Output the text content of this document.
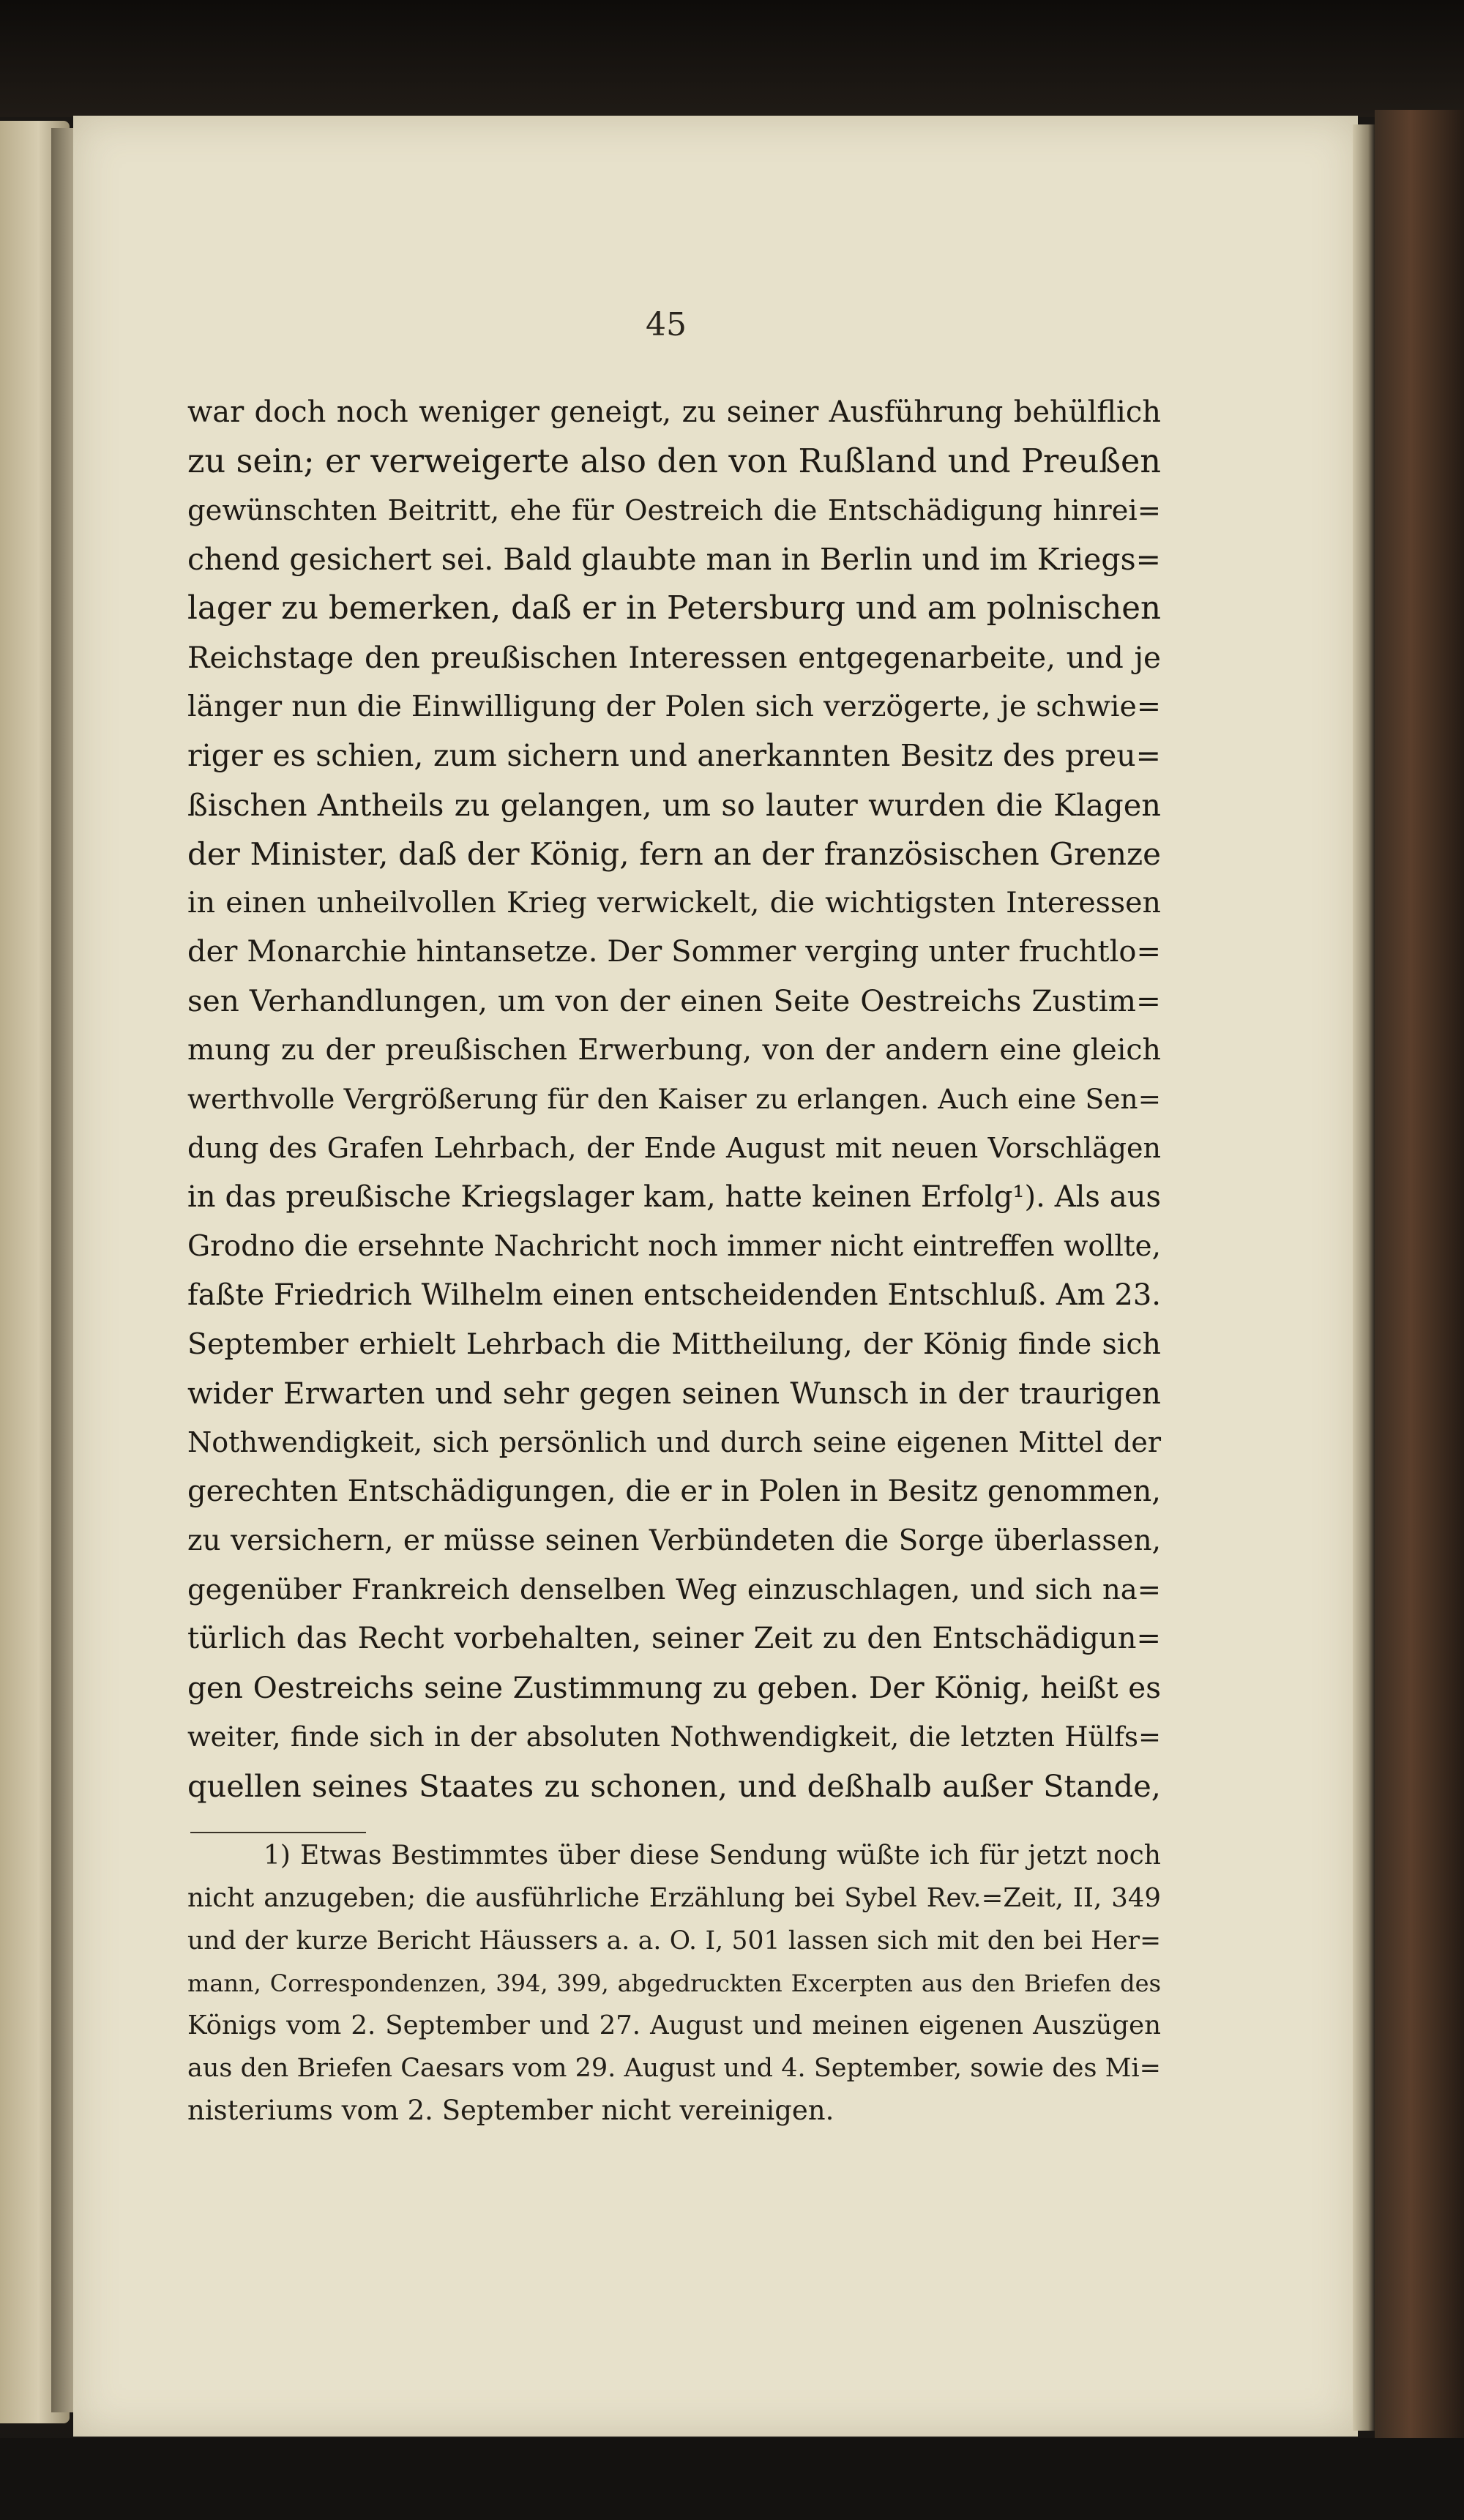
45
war doch noch weniger geneigt, zu seiner Ausführung behülflich
zu sein; er verweigerte also den von Rußland und Preußen
gewünschten Beitritt, ehe für Oestreich die Entschädigung hinrei=
chend gesichert sei. Bald glaubte man in Berlin und im Kriegs=
lager zu bemerken, daß er in Petersburg und am polnischen
Reichstage den preußischen Interessen entgegenarbeite, und je
länger nun die Einwilligung der Polen sich verzögerte, je schwie=
riger es schien, zum sichern und anerkannten Besitz des preu=
ßischen Antheils zu gelangen, um so lauter wurden die Klagen
der Minister, daß der König, fern an der französischen Grenze
in einen unheilvollen Krieg verwickelt, die wichtigsten Interessen
der Monarchie hintansetze. Der Sommer verging unter fruchtlo=
sen Verhandlungen, um von der einen Seite Oestreichs Zustim=
mung zu der preußischen Erwerbung, von der andern eine gleich
werthvolle Vergrößerung für den Kaiser zu erlangen. Auch eine Sen=
dung des Grafen Lehrbach, der Ende August mit neuen Vorschlägen
in das preußische Kriegslager kam, hatte keinen Erfolg¹). Als aus
Grodno die ersehnte Nachricht noch immer nicht eintreffen wollte,
faßte Friedrich Wilhelm einen entscheidenden Entschluß. Am 23.
September erhielt Lehrbach die Mittheilung, der König finde sich
wider Erwarten und sehr gegen seinen Wunsch in der traurigen
Nothwendigkeit, sich persönlich und durch seine eigenen Mittel der
gerechten Entschädigungen, die er in Polen in Besitz genommen,
zu versichern, er müsse seinen Verbündeten die Sorge überlassen,
gegenüber Frankreich denselben Weg einzuschlagen, und sich na=
türlich das Recht vorbehalten, seiner Zeit zu den Entschädigun=
gen Oestreichs seine Zustimmung zu geben. Der König, heißt es
weiter, finde sich in der absoluten Nothwendigkeit, die letzten Hülfs=
quellen seines Staates zu schonen, und deßhalb außer Stande,
1) Etwas Bestimmtes über diese Sendung wüßte ich für jetzt noch
nicht anzugeben; die ausführliche Erzählung bei Sybel Rev.=Zeit, II, 349
und der kurze Bericht Häussers a. a. O. I, 501 lassen sich mit den bei Her=
mann, Correspondenzen, 394, 399, abgedruckten Excerpten aus den Briefen des
Königs vom 2. September und 27. August und meinen eigenen Auszügen
aus den Briefen Caesars vom 29. August und 4. September, sowie des Mi=
nisteriums vom 2. September nicht vereinigen.
